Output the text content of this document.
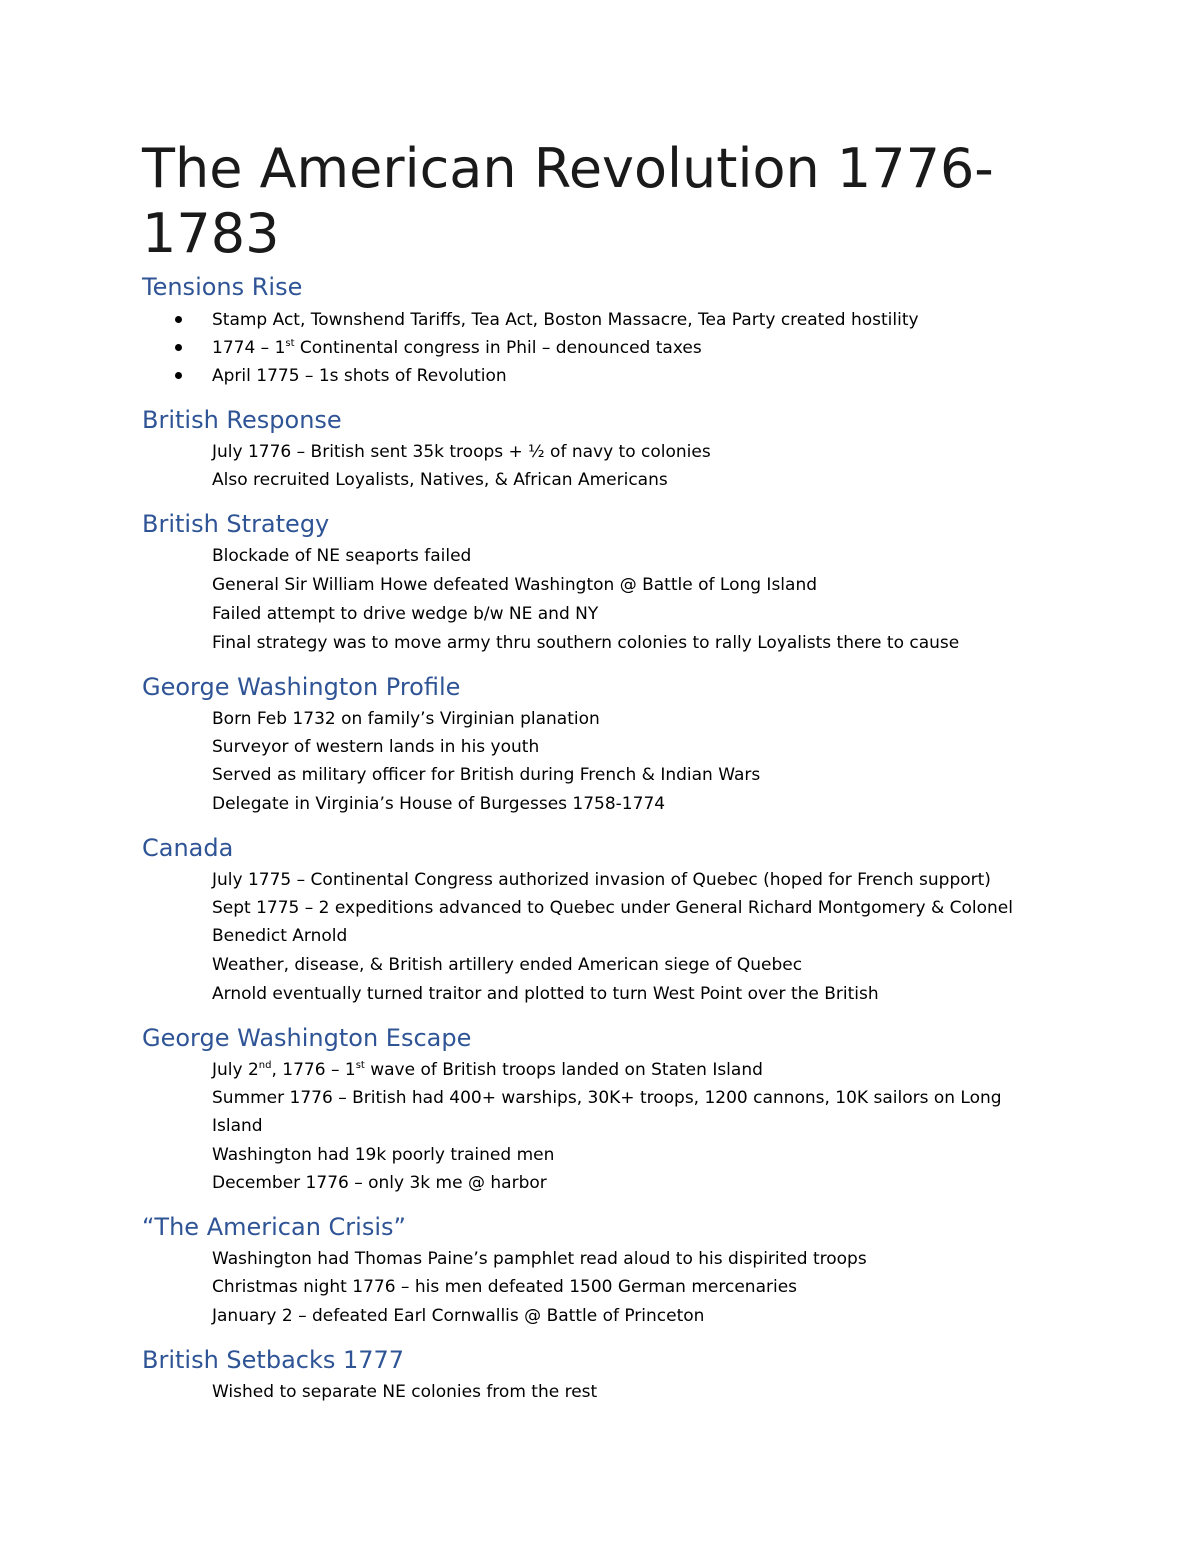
The American Revolution 1776-1783
Tensions Rise

Stamp Act, Townshend Tariffs, Tea Act, Boston Massacre, Tea Party created hostility

1774 – 1st Continental congress in Phil – denounced taxes

April 1775 – 1s shots of Revolution

British Response

July 1776 – British sent 35k troops + ½ of navy to colonies

Also recruited Loyalists, Natives, & African Americans

British Strategy

Blockade of NE seaports failed

General Sir William Howe defeated Washington @ Battle of Long Island

Failed attempt to drive wedge b/w NE and NY

Final strategy was to move army thru southern colonies to rally Loyalists there to cause

George Washington Profile

Born Feb 1732 on family’s Virginian planation

Surveyor of western lands in his youth

Served as military officer for British during French & Indian Wars

Delegate in Virginia’s House of Burgesses 1758-1774

Canada

July 1775 – Continental Congress authorized invasion of Quebec (hoped for French support)

Sept 1775 – 2 expeditions advanced to Quebec under General Richard Montgomery & Colonel

Benedict Arnold

Weather, disease, & British artillery ended American siege of Quebec

Arnold eventually turned traitor and plotted to turn West Point over the British

George Washington Escape

July 2nd, 1776 – 1st wave of British troops landed on Staten Island

Summer 1776 – British had 400+ warships, 30K+ troops, 1200 cannons, 10K sailors on Long

Island

Washington had 19k poorly trained men

December 1776 – only 3k me @ harbor

“The American Crisis”

Washington had Thomas Paine’s pamphlet read aloud to his dispirited troops

Christmas night 1776 – his men defeated 1500 German mercenaries

January 2 – defeated Earl Cornwallis @ Battle of Princeton

British Setbacks 1777

Wished to separate NE colonies from the rest
